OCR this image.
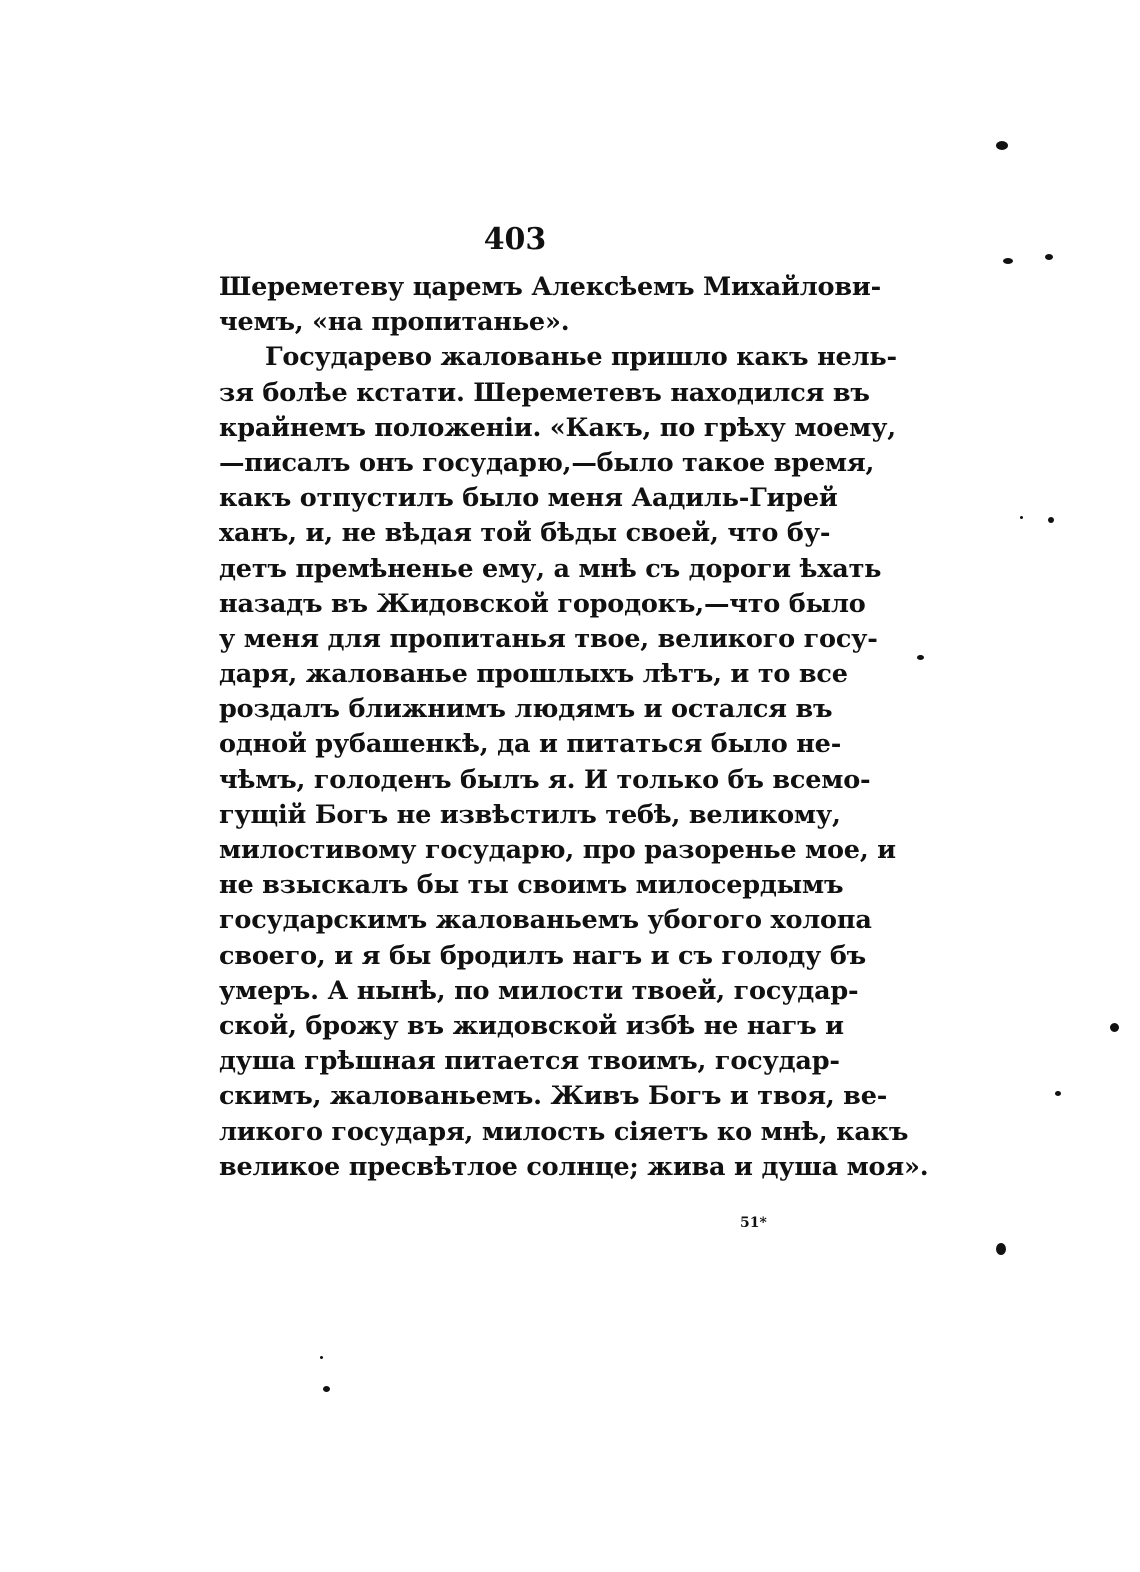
403
Шереметеву царемъ Алексѣемъ Михайлови-
чемъ, «на пропитанье».
Государево жалованье пришло какъ нель-
зя болѣе кстати. Шереметевъ находился въ
крайнемъ положеніи. «Какъ, по грѣху моему,
—писалъ онъ государю,—было такое время,
какъ отпустилъ было меня Аадиль-Гирей
ханъ, и, не вѣдая той бѣды своей, что бу-
детъ премѣненье ему, а мнѣ съ дороги ѣхать
назадъ въ Жидовской городокъ,—что было
у меня для пропитанья твое, великого госу-
даря, жалованье прошлыхъ лѣтъ, и то все
роздалъ ближнимъ людямъ и остался въ
одной рубашенкѣ, да и питаться было не-
чѣмъ, голоденъ былъ я. И только бъ всемо-
гущій Богъ не извѣстилъ тебѣ, великому,
милостивому государю, про разоренье мое, и
не взыскалъ бы ты своимъ милосердымъ
государскимъ жалованьемъ убогого холопа
своего, и я бы бродилъ нагъ и съ голоду бъ
умеръ. А нынѣ, по милости твоей, государ-
ской, брожу въ жидовской избѣ не нагъ и
душа грѣшная питается твоимъ, государ-
скимъ, жалованьемъ. Живъ Богъ и твоя, ве-
ликого государя, милость сіяетъ ко мнѣ, какъ
великое пресвѣтлое солнце; жива и душа моя».
51*
